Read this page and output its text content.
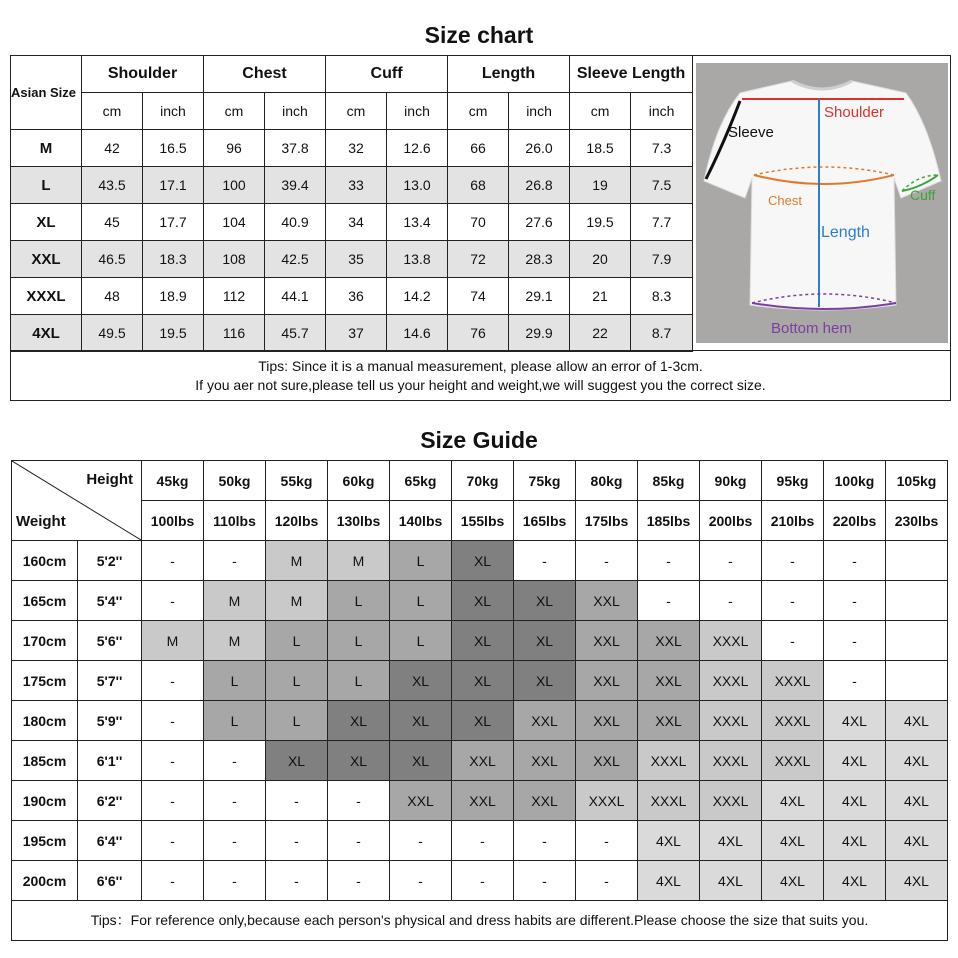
Size chart
Asian Size	Shoulder		Chest		Cuff		Length		Sleeve Length	
	cm	inch	cm	inch	cm	inch	cm	inch	cm	inch
M	42	16.5	96	37.8	32	12.6	66	26.0	18.5	7.3
L	43.5	17.1	100	39.4	33	13.0	68	26.8	19	7.5
XL	45	17.7	104	40.9	34	13.4	70	27.6	19.5	7.7
XXL	46.5	18.3	108	42.5	35	13.8	72	28.3	20	7.9
XXXL	48	18.9	112	44.1	36	14.2	74	29.1	21	8.3
4XL	49.5	19.5	116	45.7	37	14.6	76	29.9	22	8.7
Shoulder
Sleeve
Chest	Cuff
Length
Bottom hem
Tips: Since it is a manual measurement, please allow an error of 1-3cm.
If you aer not sure,please tell us your height and weight,we will suggest you the correct size.
Size Guide
Height
Weight		45kg	50kg	55kg	60kg	65kg	70kg	75kg	80kg	85kg	90kg	95kg	100kg	105kg
		100lbs	110lbs	120lbs	130lbs	140lbs	155lbs	165lbs	175lbs	185lbs	200lbs	210lbs	220lbs	230lbs
160cm	5'2''	-	-	M	M	L	XL	-	-	-	-	-	-	
165cm	5'4''	-	M	M	L	L	XL	XL	XXL	-	-	-	-	
170cm	5'6''	M	M	L	L	L	XL	XL	XXL	XXL	XXXL	-	-	
175cm	5'7''	-	L	L	L	XL	XL	XL	XXL	XXL	XXXL	XXXL	-	
180cm	5'9''	-	L	L	XL	XL	XL	XXL	XXL	XXL	XXXL	XXXL	4XL	4XL
185cm	6'1''	-	-	XL	XL	XL	XXL	XXL	XXL	XXXL	XXXL	XXXL	4XL	4XL
190cm	6'2''	-	-	-	-	XXL	XXL	XXL	XXXL	XXXL	XXXL	4XL	4XL	4XL
195cm	6'4''	-	-	-	-	-	-	-	-	4XL	4XL	4XL	4XL	4XL
200cm	6'6''	-	-	-	-	-	-	-	-	4XL	4XL	4XL	4XL	4XL
Tips：For reference only,because each person's physical and dress habits are different.Please choose the size that suits you.
